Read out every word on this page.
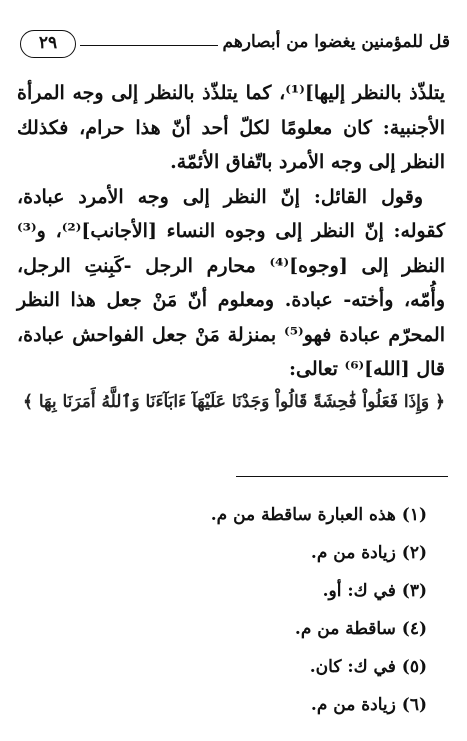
قل للمؤمنين يغضوا من أبصارهم
٢٩

يتلذّذ بالنظر إليها]⁽¹⁾، كما يتلذّذ بالنظر إلى وجه المرأة الأجنبية: كان معلومًا لكلّ أحد أنّ هذا حرام، فكذلك النظر إلى وجه الأمرد باتّفاق الأئمّة.

وقول القائل: إنّ النظر إلى وجه الأمرد عبادة، كقوله: إنّ النظر إلى وجوه النساء [الأجانب]⁽²⁾، و⁽³⁾ النظر إلى [وجوه]⁽⁴⁾ محارم الرجل -كَبِنتِ الرجل، وأُمّه، وأخته- عبادة. ومعلوم أنّ مَنْ جعل هذا النظر المحرّم عبادة فهو⁽⁵⁾ بمنزلة مَنْ جعل الفواحش عبادة، قال [الله]⁽⁶⁾ تعالى:

﴿ وَإِذَا فَعَلُواْ فَٰحِشَةً قَالُواْ وَجَدْنَا عَلَيْهَآ ءَابَآءَنَا وَٱللَّهُ أَمَرَنَا بِهَا ﴾

(١) هذه العبارة ساقطة من م.
(٢) زيادة من م.
(٣) في ك: أو.
(٤) ساقطة من م.
(٥) في ك: كان.
(٦) زيادة من م.
